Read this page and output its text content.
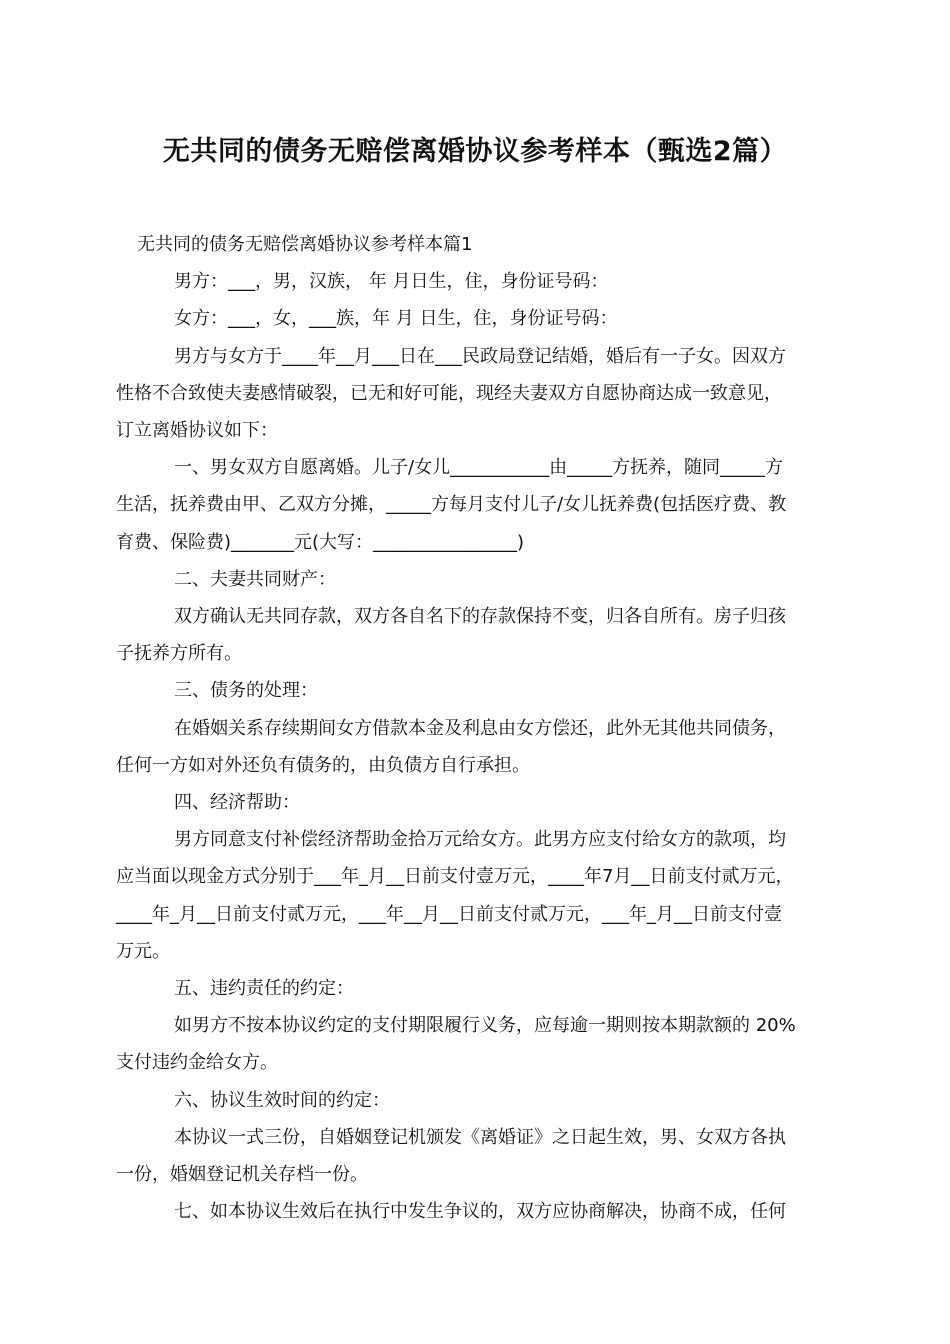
无共同的债务无赔偿离婚协议参考样本（甄选2篇）
无共同的债务无赔偿离婚协议参考样本篇1
男方：___，男，汉族， 年 月日生，住，身份证号码：
女方：___，女，___族，年 月 日生，住，身份证号码：
男方与女方于____年__月___日在___民政局登记结婚，婚后有一子女。因双方
性格不合致使夫妻感情破裂，已无和好可能，现经夫妻双方自愿协商达成一致意见，
订立离婚协议如下：
一、男女双方自愿离婚。儿子/女儿___________由_____方抚养，随同_____方
生活，抚养费由甲、乙双方分摊，_____方每月支付儿子/女儿抚养费(包括医疗费、教
育费、保险费)_______元(大写：________________)
二、夫妻共同财产：
双方确认无共同存款，双方各自名下的存款保持不变，归各自所有。房子归孩
子抚养方所有。
三、债务的处理：
在婚姻关系存续期间女方借款本金及利息由女方偿还，此外无其他共同债务，
任何一方如对外还负有债务的，由负债方自行承担。
四、经济帮助：
男方同意支付补偿经济帮助金拾万元给女方。此男方应支付给女方的款项，均
应当面以现金方式分别于___年_月__日前支付壹万元，____年7月__日前支付贰万元，
____年_月__日前支付贰万元，___年__月__日前支付贰万元，___年_月__日前支付壹
万元。
五、违约责任的约定：
如男方不按本协议约定的支付期限履行义务，应每逾一期则按本期款额的 20%
支付违约金给女方。
六、协议生效时间的约定：
本协议一式三份，自婚姻登记机颁发《离婚证》之日起生效，男、女双方各执
一份，婚姻登记机关存档一份。
七、如本协议生效后在执行中发生争议的，双方应协商解决，协商不成，任何
